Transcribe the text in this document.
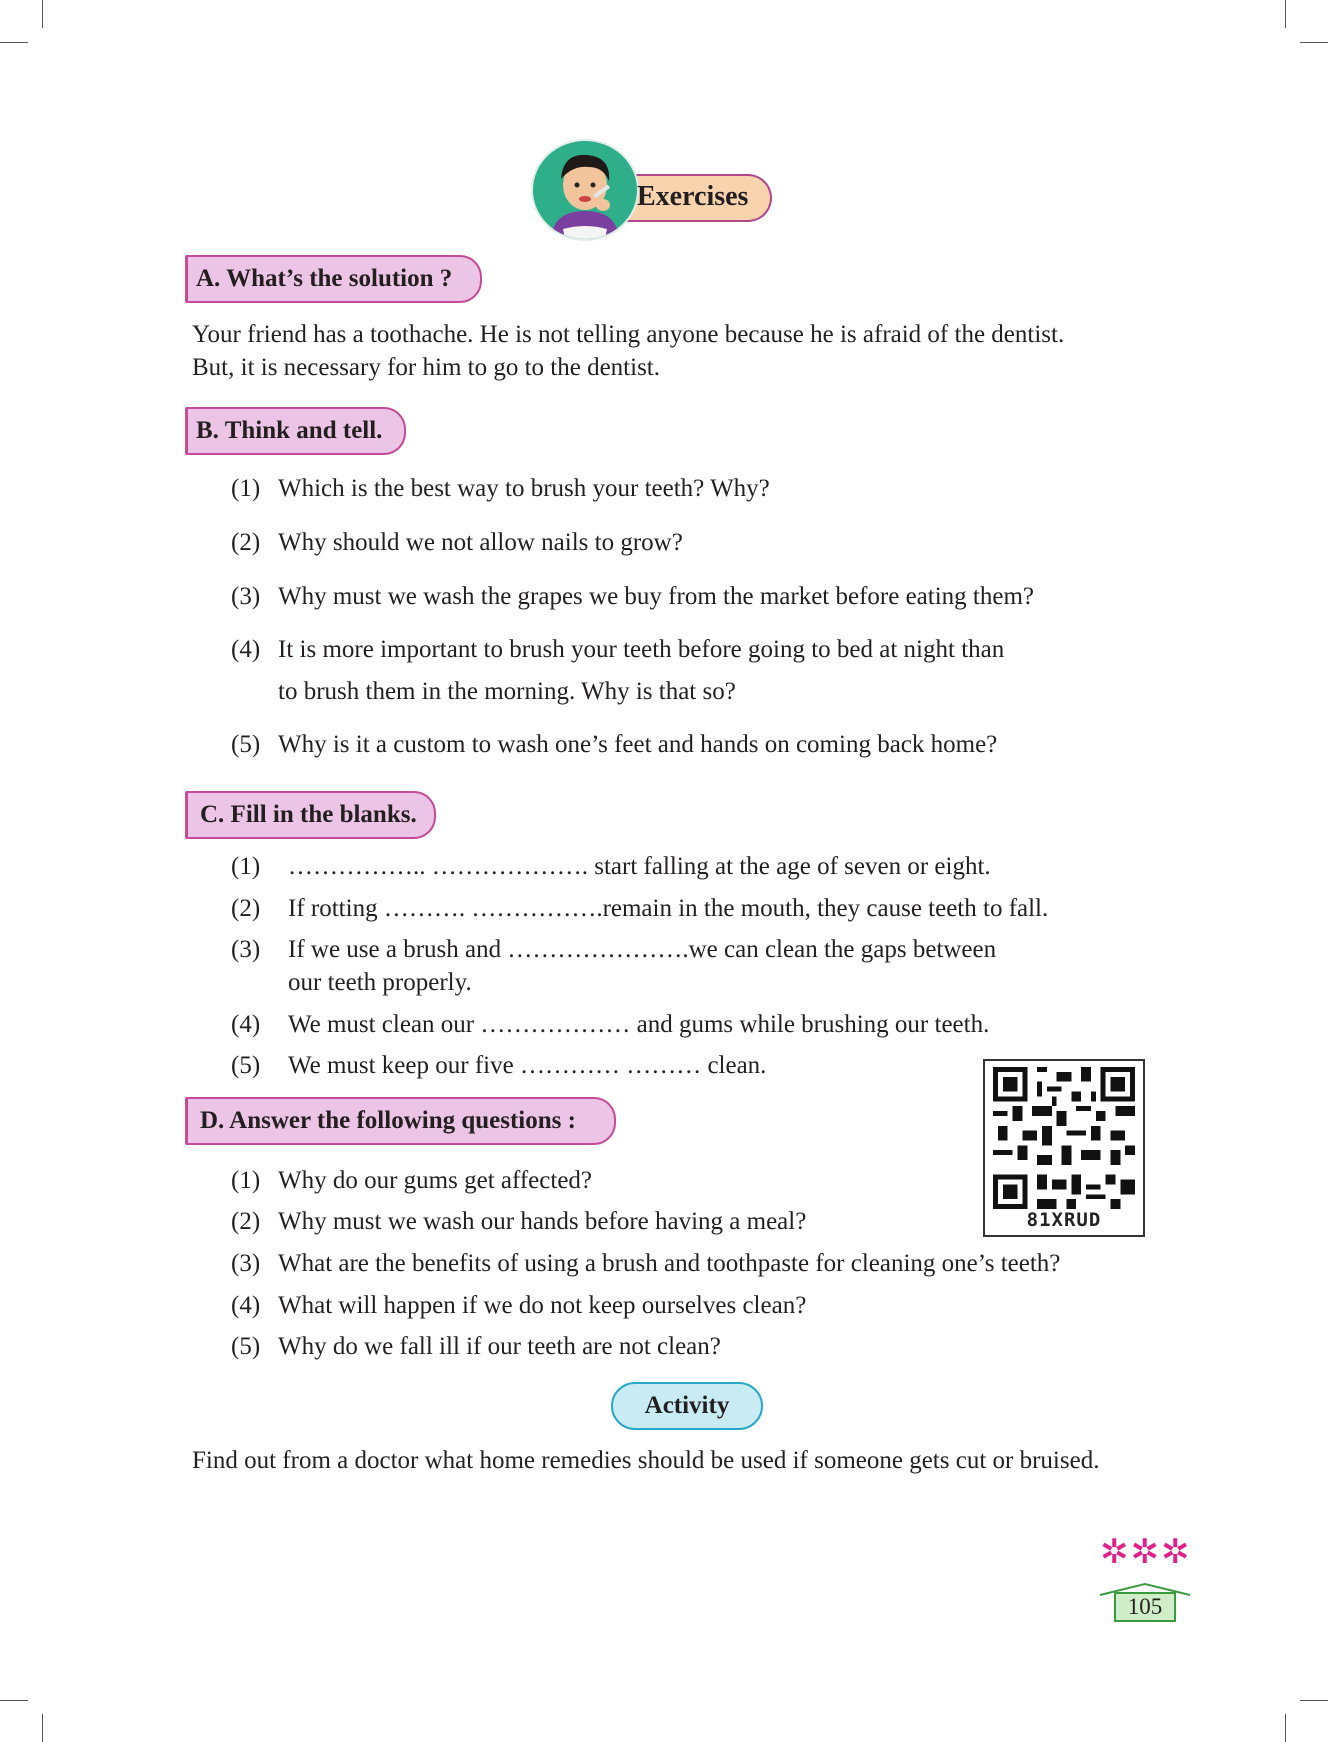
Exercises
A. What’s the solution ?
Your friend has a toothache. He is not telling anyone because he is afraid of the dentist.
But, it is necessary for him to go to the dentist.
B. Think and tell.
(1) Which is the best way to brush your teeth? Why?
(2) Why should we not allow nails to grow?
(3) Why must we wash the grapes we buy from the market before eating them?
(4) It is more important to brush your teeth before going to bed at night than
to brush them in the morning. Why is that so?
(5) Why is it a custom to wash one’s feet and hands on coming back home?
C. Fill in the blanks.
(1) …………….. ………………. start falling at the age of seven or eight.
(2) If rotting ………. …………….remain in the mouth, they cause teeth to fall.
(3) If we use a brush and ………………….we can clean the gaps between
our teeth properly.
(4) We must clean our ……………… and gums while brushing our teeth.
(5) We must keep our five ………… ……… clean.
81XRUD
D. Answer the following questions :
(1) Why do our gums get affected?
(2) Why must we wash our hands before having a meal?
(3) What are the benefits of using a brush and toothpaste for cleaning one’s teeth?
(4) What will happen if we do not keep ourselves clean?
(5) Why do we fall ill if our teeth are not clean?
Activity
Find out from a doctor what home remedies should be used if someone gets cut or bruised.
✲✲✲
105
